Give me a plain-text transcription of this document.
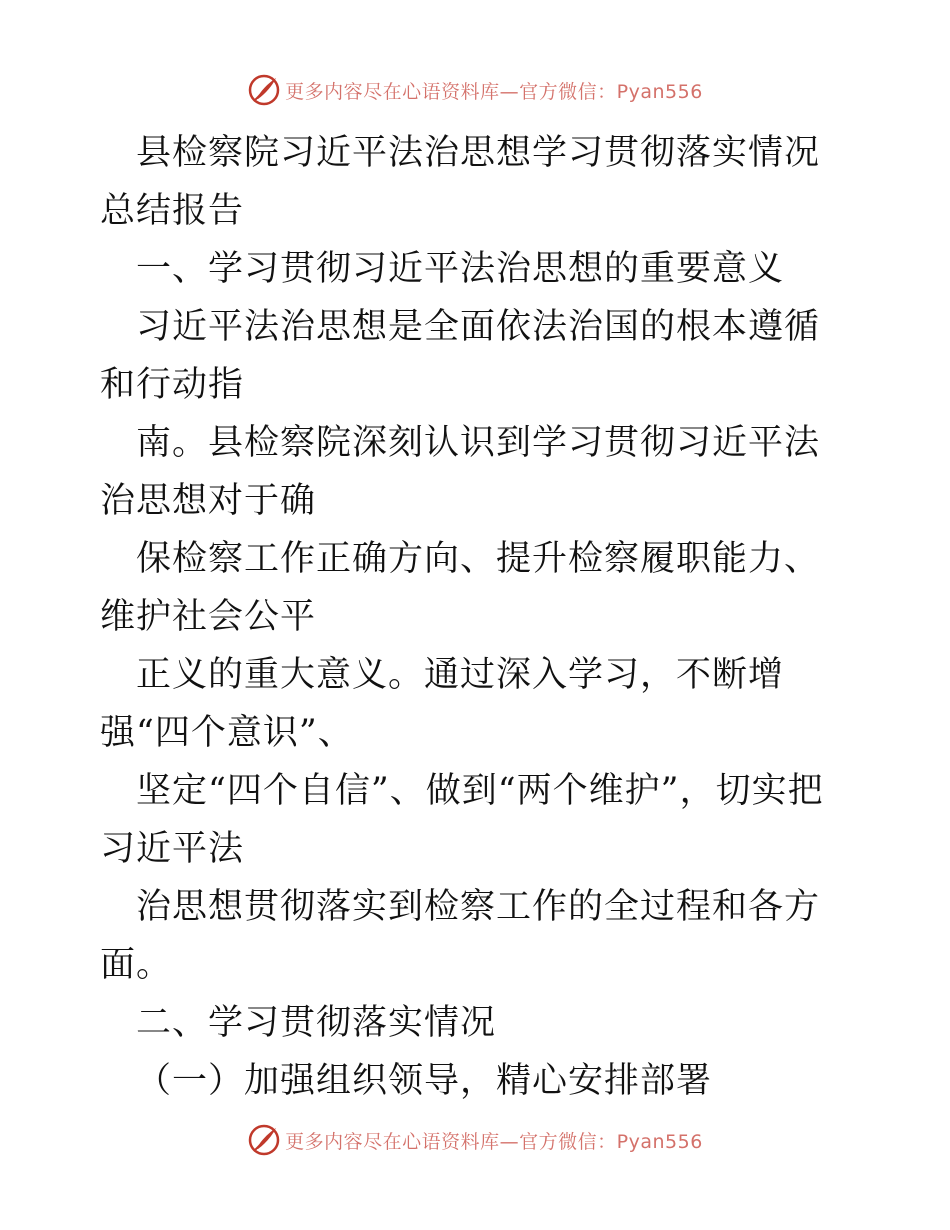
更多内容尽在心语资料库—官方微信：Pyan556

县检察院习近平法治思想学习贯彻落实情况总结报告

一、学习贯彻习近平法治思想的重要意义

习近平法治思想是全面依法治国的根本遵循和行动指

南。县检察院深刻认识到学习贯彻习近平法治思想对于确

保检察工作正确方向、提升检察履职能力、维护社会公平

正义的重大意义。通过深入学习，不断增强“四个意识”、

坚定“四个自信”、做到“两个维护”，切实把习近平法

治思想贯彻落实到检察工作的全过程和各方面。

二、学习贯彻落实情况

（一）加强组织领导，精心安排部署

更多内容尽在心语资料库—官方微信：Pyan556
